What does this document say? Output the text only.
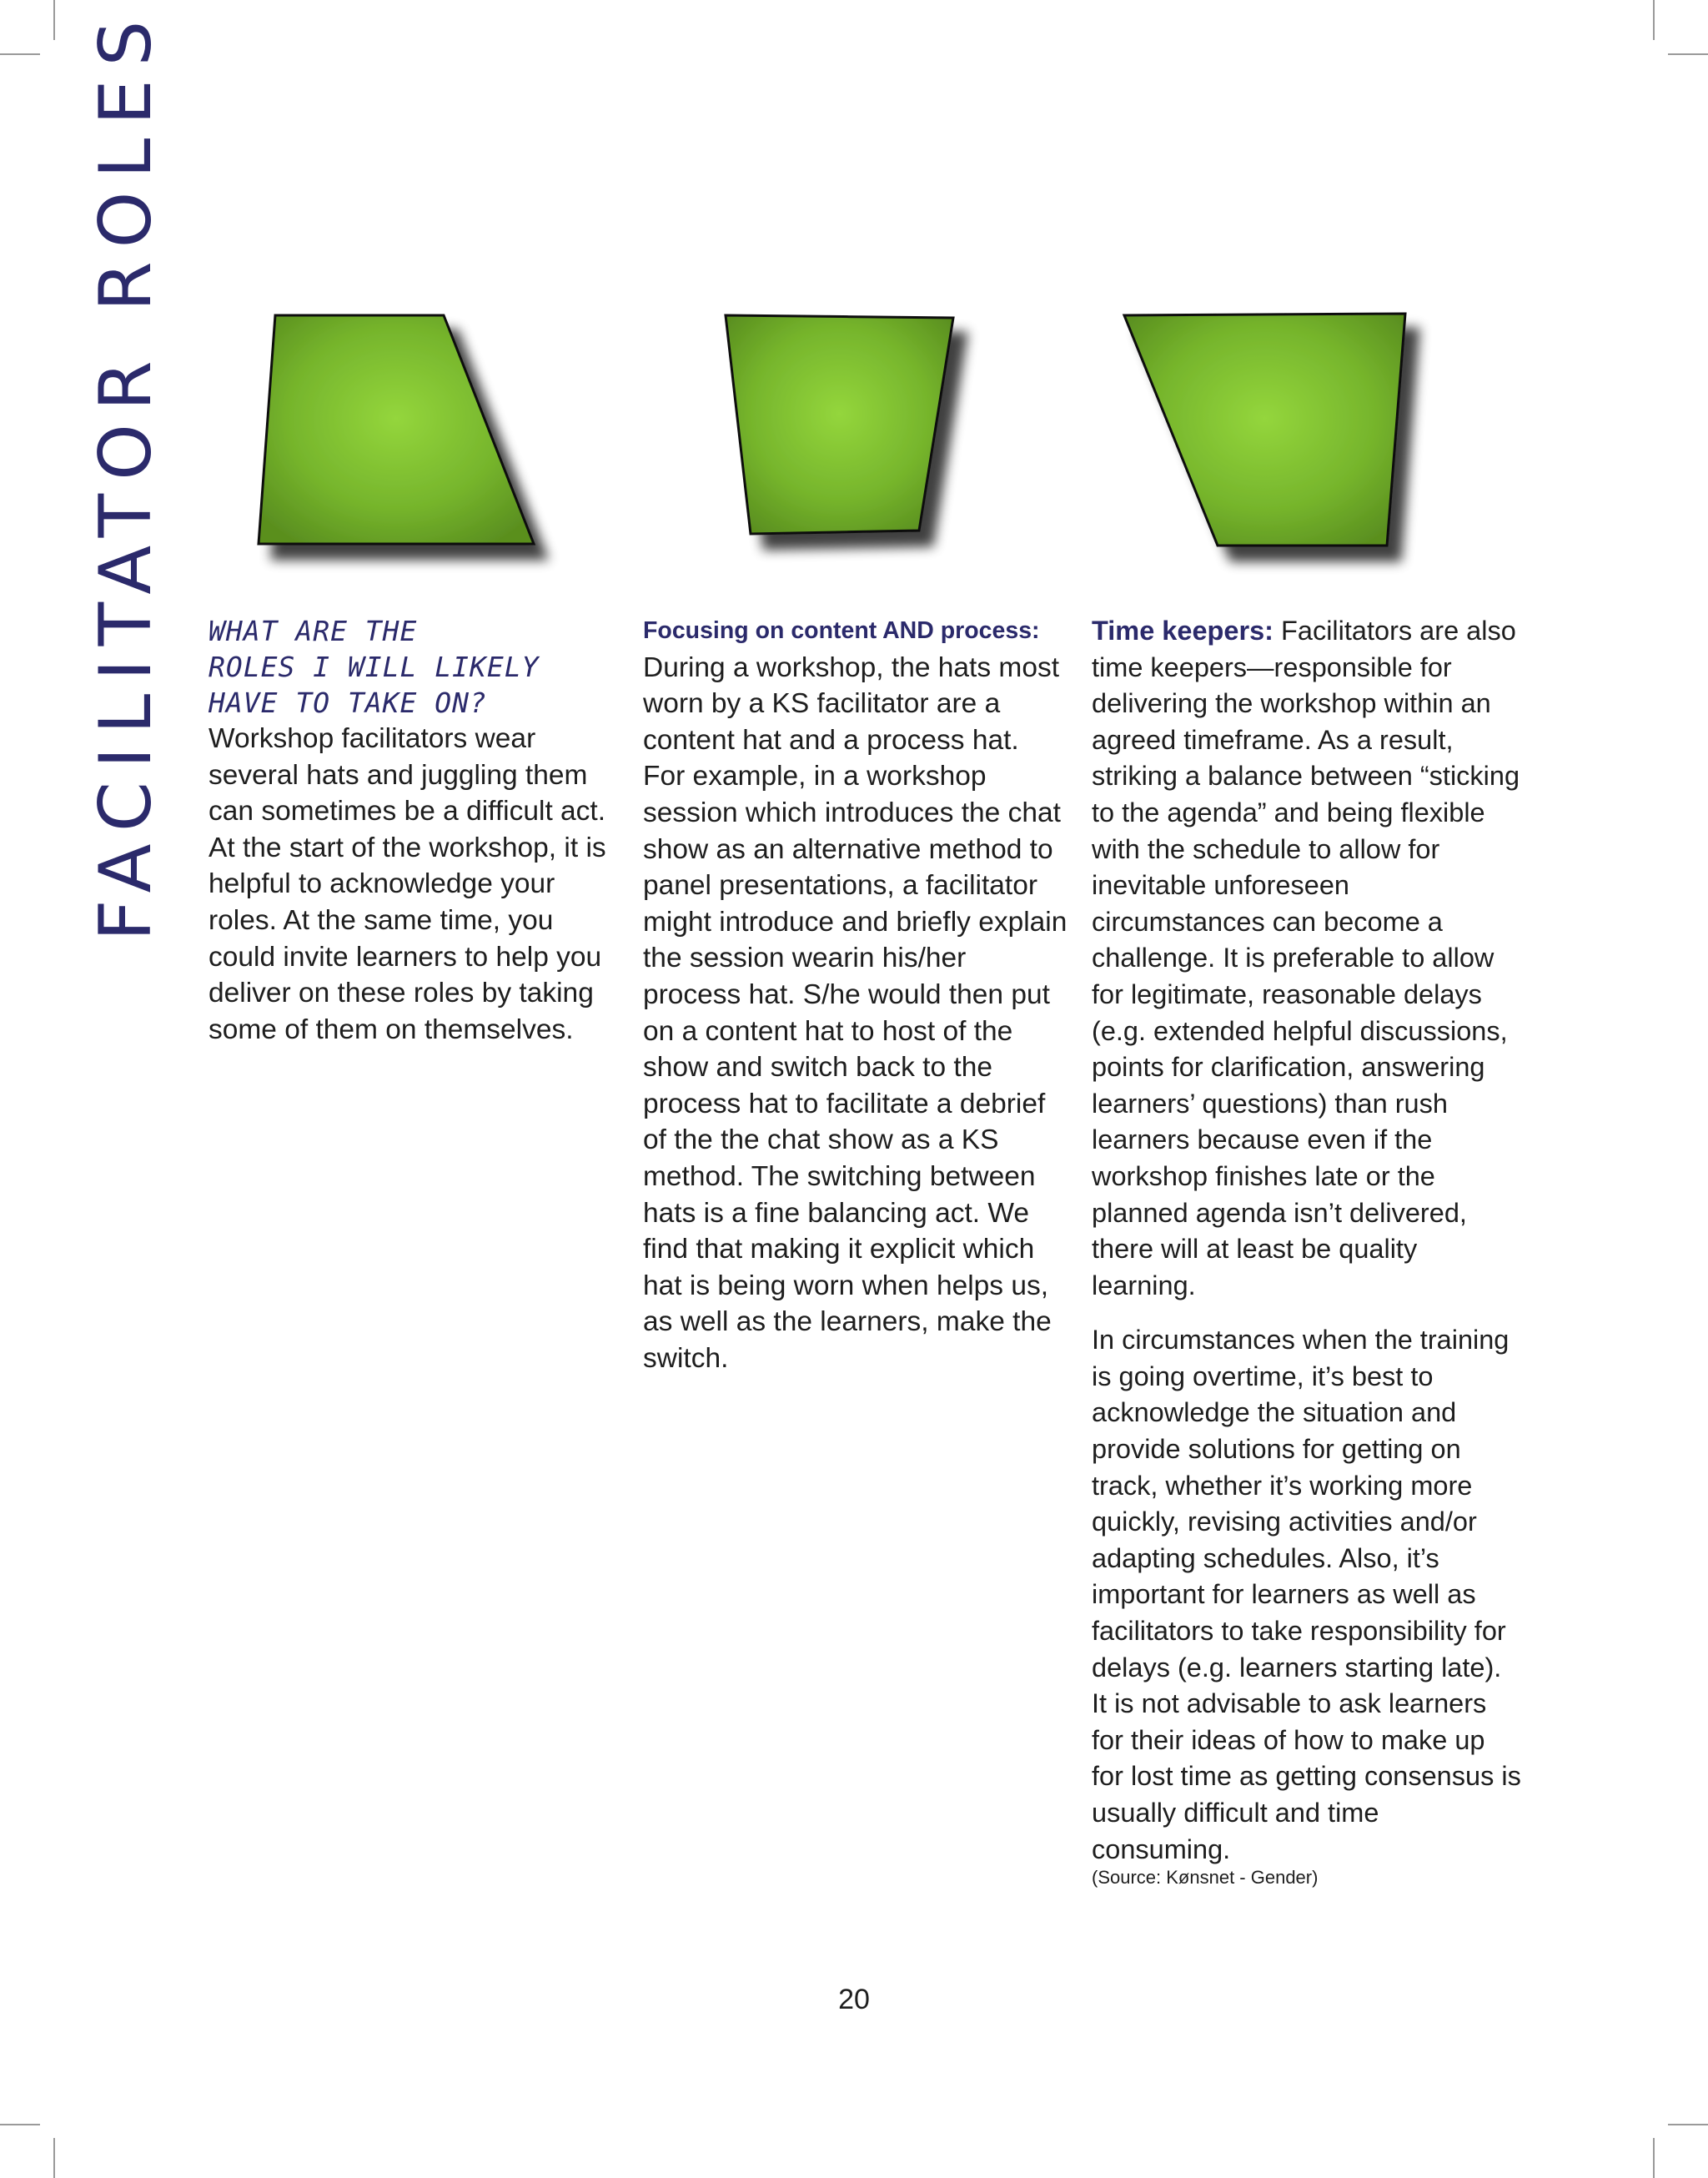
FACILITATOR ROLES WHAT ARE THE
ROLES I WILL LIKELY
HAVE TO TAKE ON?

Workshop facilitators wear several hats and juggling them can sometimes be a difficult act. At the start of the workshop, it is helpful to acknowledge your roles. At the same time, you could invite learners to help you deliver on these roles by taking some of them on themselves.

Focusing on content AND process:

During a workshop, the hats most worn by a KS facilitator are a content hat and a process hat. For example, in a workshop session which introduces the chat show as an alternative method to panel presentations, a facilitator might introduce and briefly explain the session wearin his/her process hat. S/he would then put on a content hat to host of the show and switch back to the process hat to facilitate a debrief of the the chat show as a KS method. The switching between hats is a fine balancing act. We find that making it explicit which hat is being worn when helps us, as well as the learners, make the switch.

Time keepers: Facilitators are also time keepers—responsible for delivering the workshop within an agreed timeframe. As a result, striking a balance between “sticking to the agenda” and being flexible with the schedule to allow for inevitable unforeseen circumstances can become a challenge. It is preferable to allow for legitimate, reasonable delays (e.g. extended helpful discussions, points for clarification, answering learners’ questions) than rush learners because even if the workshop finishes late or the planned agenda isn’t delivered, there will at least be quality learning.

In circumstances when the training is going overtime, it’s best to acknowledge the situation and provide solutions for getting on track, whether it’s working more quickly, revising activities and/or adapting schedules. Also, it’s important for learners as well as facilitators to take responsibility for delays (e.g. learners starting late). It is not advisable to ask learners for their ideas of how to make up for lost time as getting consensus is usually difficult and time consuming.

(Source: Kønsnet - Gender)

20
